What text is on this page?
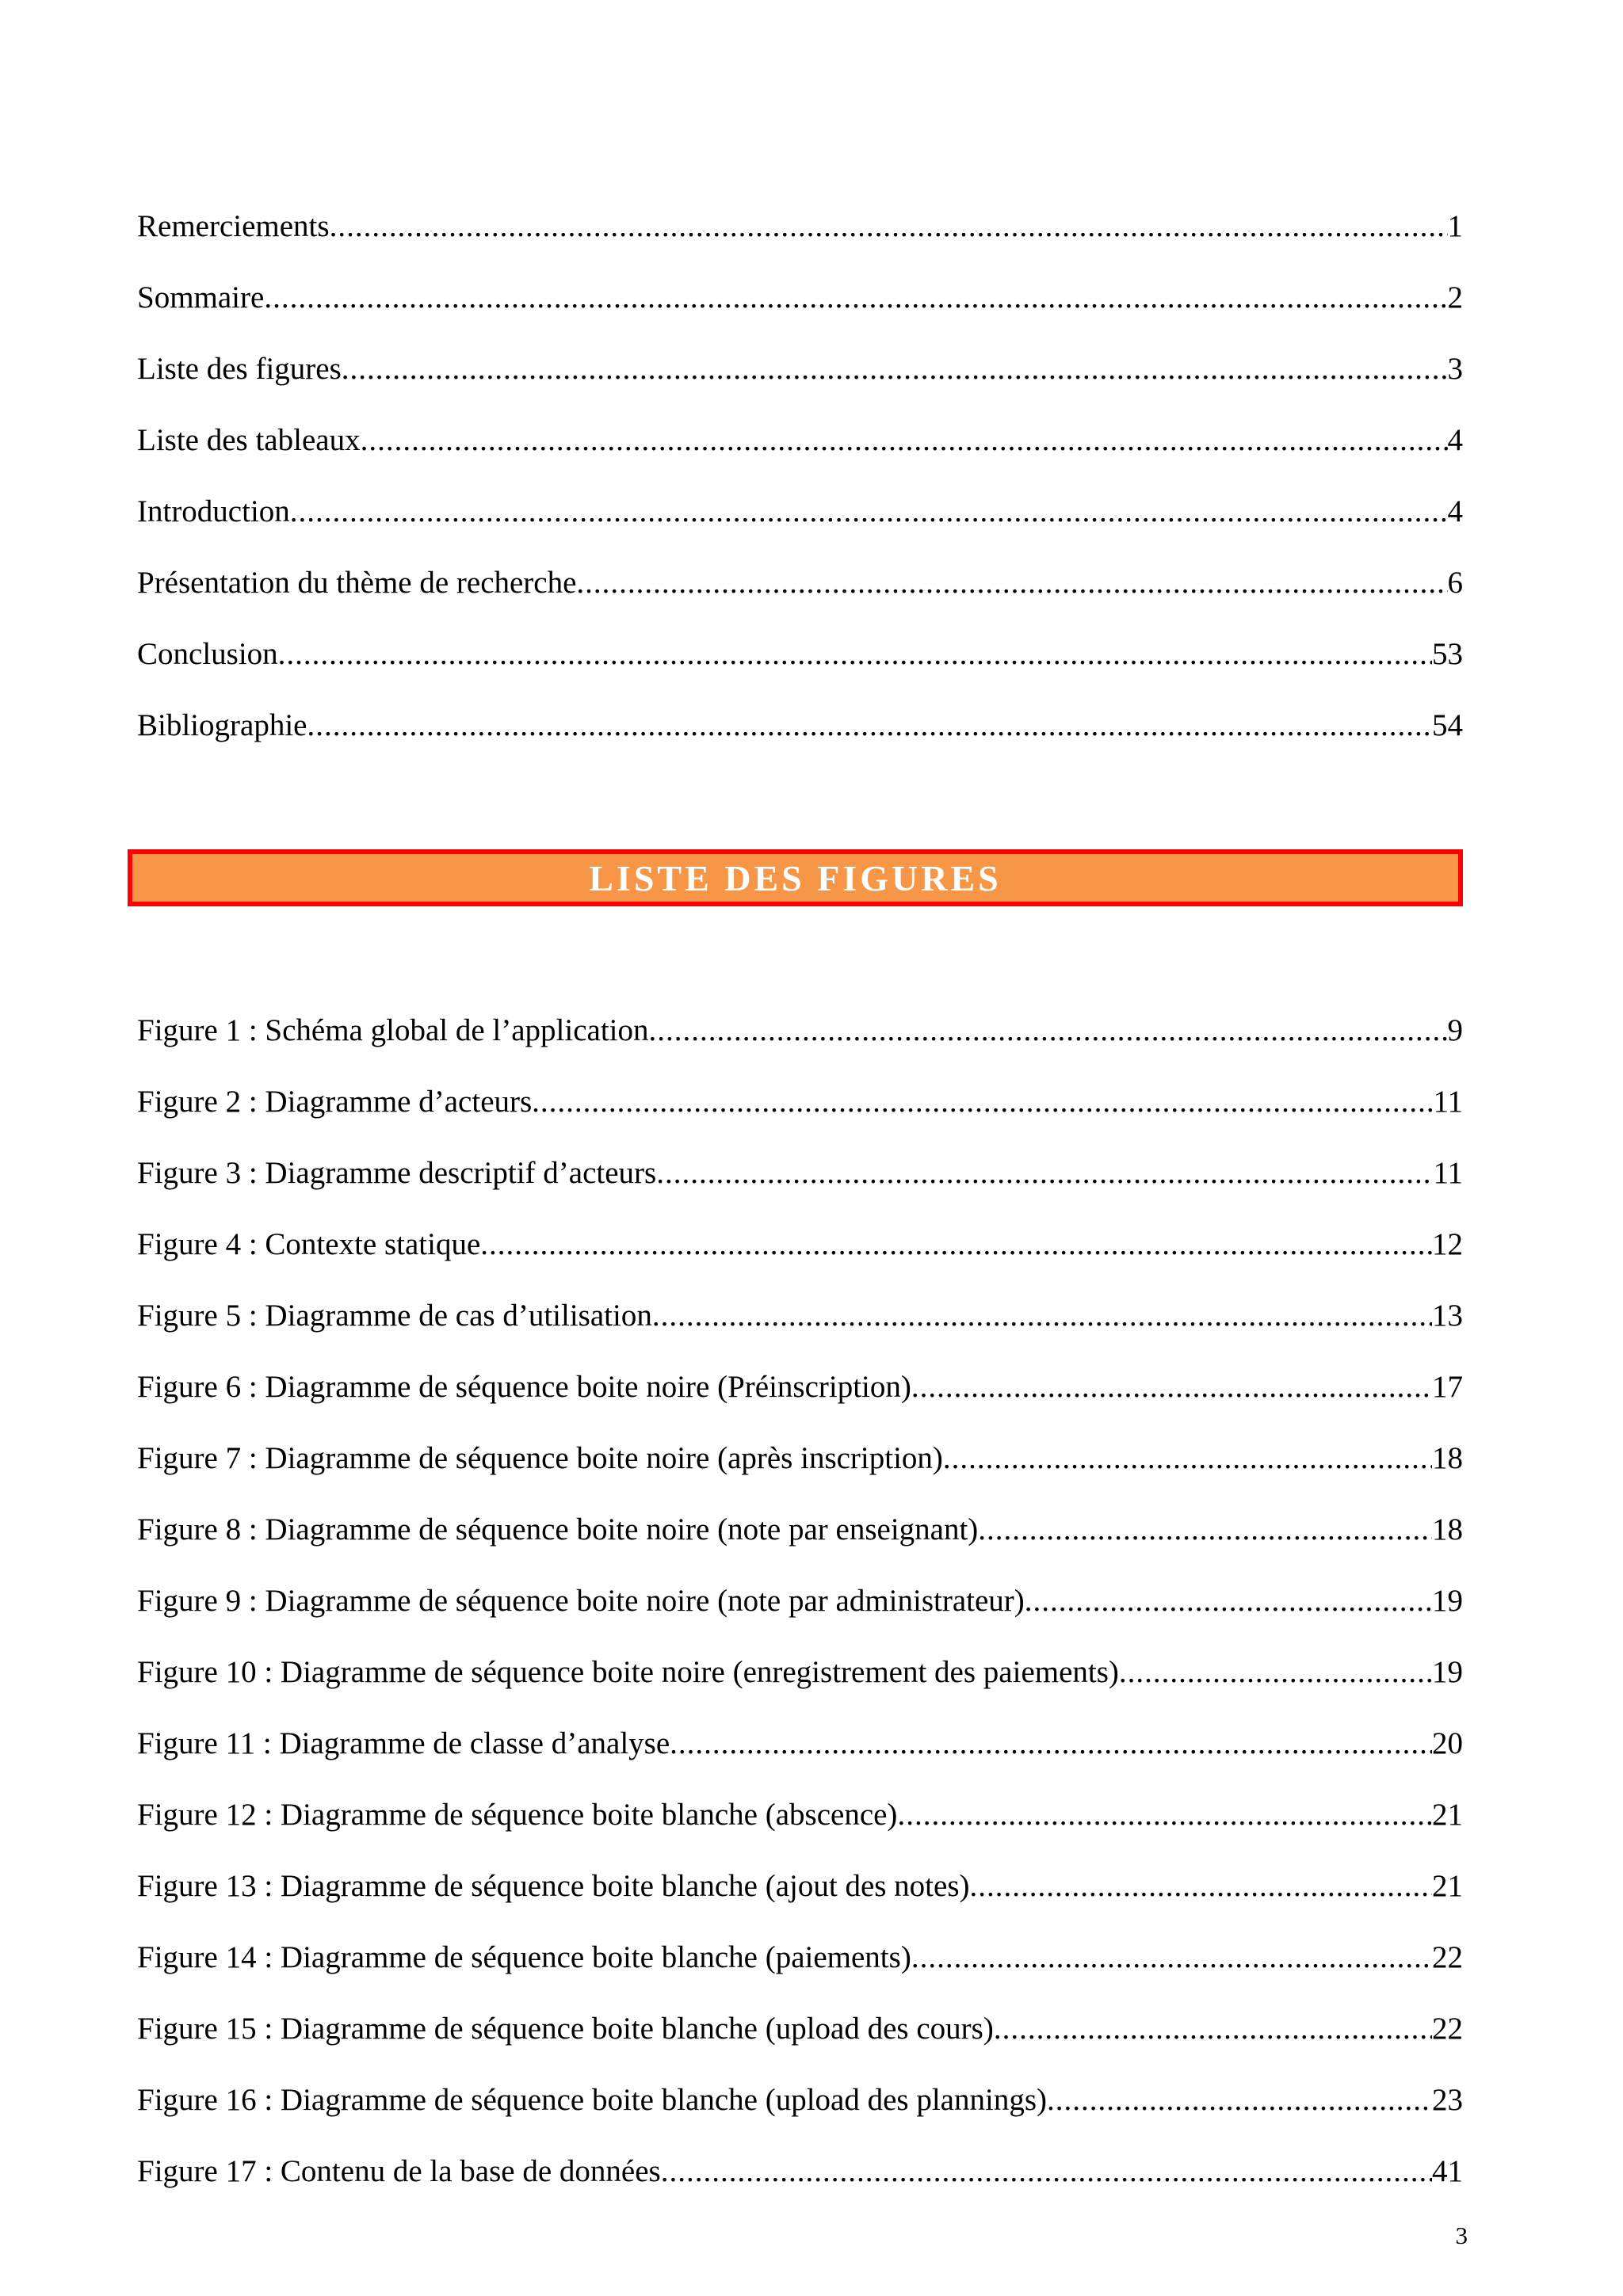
Remerciements .....	1
Sommaire .....	2
Liste des figures .....	3
Liste des tableaux .....	4
Introduction .....	4
Présentation du thème de recherche .....	6
Conclusion .....	53
Bibliographie .....	54
LISTE DES FIGURES
Figure 1 : Schéma global de l’application .....	9
Figure 2 : Diagramme d’acteurs .....	11
Figure 3 : Diagramme descriptif d’acteurs .....	11
Figure 4 : Contexte statique .....	12
Figure 5 : Diagramme de cas d’utilisation .....	13
Figure 6 : Diagramme de séquence boite noire (Préinscription) .....	17
Figure 7 : Diagramme de séquence boite noire (après inscription) .....	18
Figure 8 : Diagramme de séquence boite noire (note par enseignant) .....	18
Figure 9 : Diagramme de séquence boite noire (note par administrateur) .....	19
Figure 10 : Diagramme de séquence boite noire (enregistrement des paiements) .....	19
Figure 11 : Diagramme de classe d’analyse .....	20
Figure 12 : Diagramme de séquence boite blanche (abscence) .....	21
Figure 13 : Diagramme de séquence boite blanche (ajout des notes) .....	21
Figure 14 : Diagramme de séquence boite blanche (paiements) .....	22
Figure 15 : Diagramme de séquence boite blanche (upload des cours) .....	22
Figure 16 : Diagramme de séquence boite blanche (upload des plannings) .....	23
Figure 17 : Contenu de la base de données .....	41
3
